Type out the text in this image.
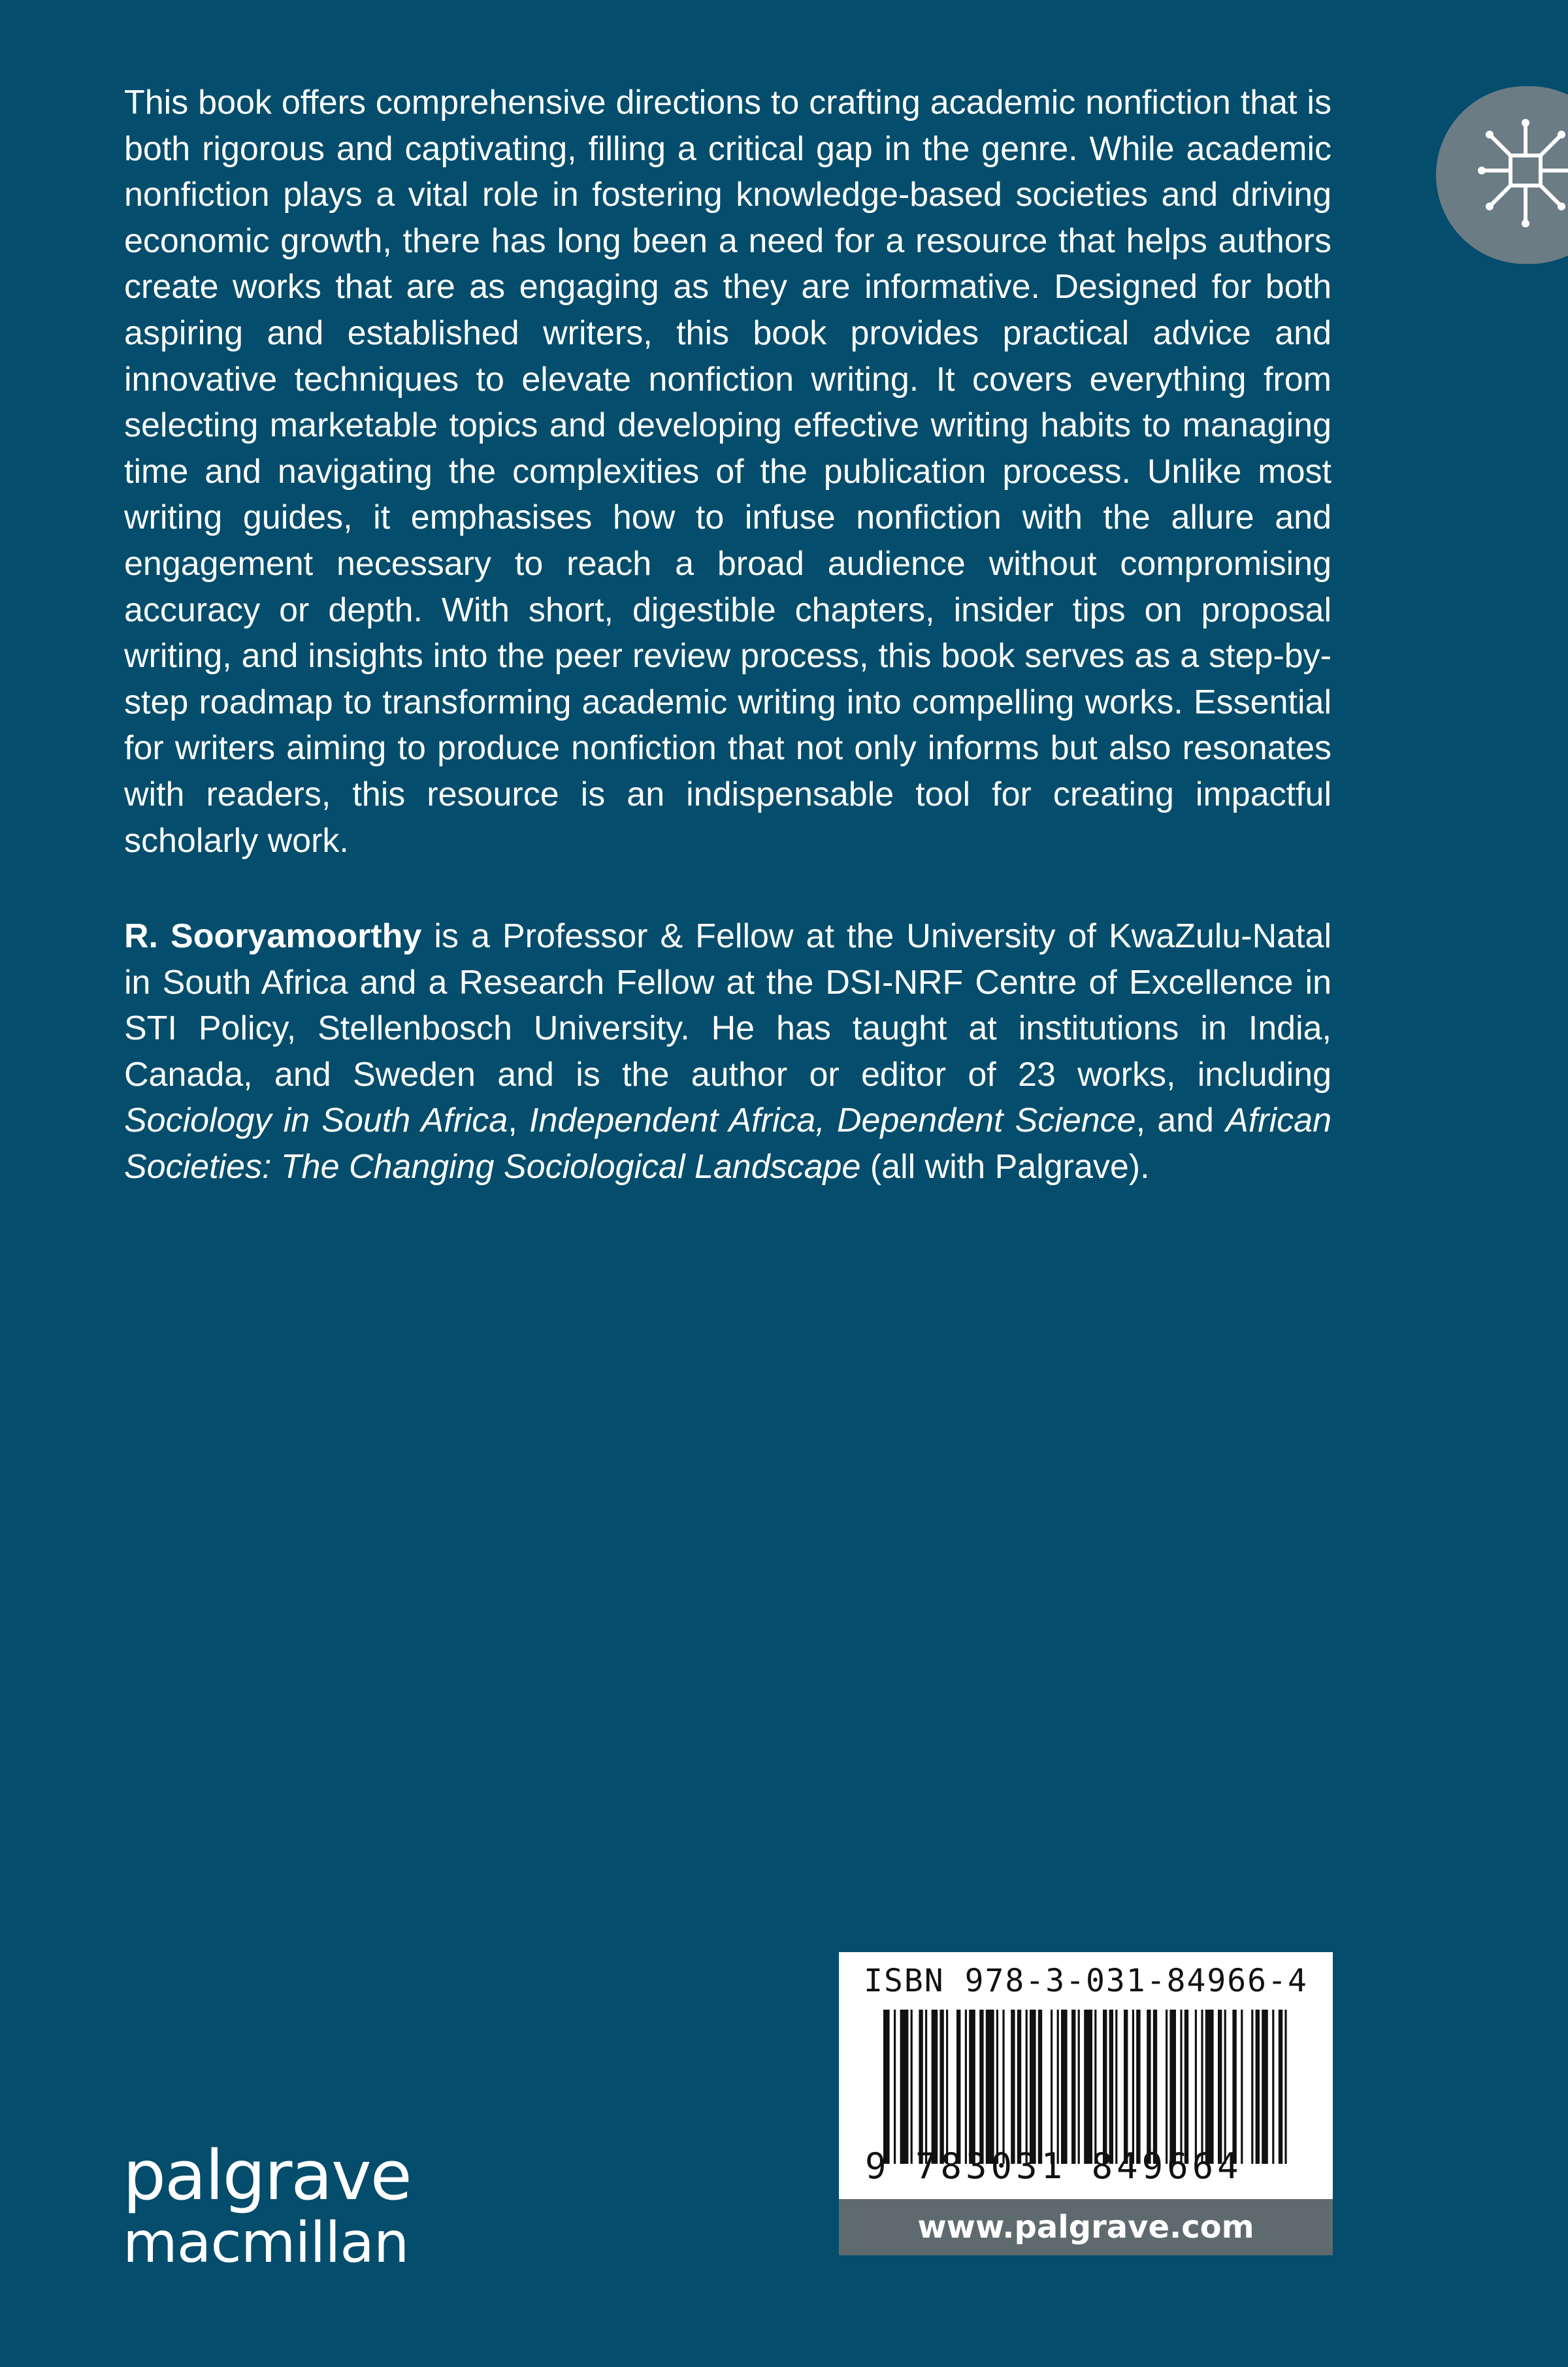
This book offers comprehensive directions to crafting academic nonfiction that is both rigorous and captivating, filling a critical gap in the genre. While academic nonfiction plays a vital role in fostering knowledge-based societies and driving economic growth, there has long been a need for a resource that helps authors create works that are as engaging as they are informative. Designed for both aspiring and established writers, this book provides practical advice and innovative techniques to elevate nonfiction writing. It covers everything from selecting marketable topics and developing effective writing habits to managing time and navigating the complexities of the publication process. Unlike most writing guides, it emphasises how to infuse nonfiction with the allure and engagement necessary to reach a broad audience without compromising accuracy or depth. With short, digestible chapters, insider tips on proposal writing, and insights into the peer review process, this book serves as a step-by-step roadmap to transforming academic writing into compelling works. Essential for writers aiming to produce nonfiction that not only informs but also resonates with readers, this resource is an indispensable tool for creating impactful scholarly work.

R. Sooryamoorthy is a Professor & Fellow at the University of KwaZulu-Natal in South Africa and a Research Fellow at the DSI-NRF Centre of Excellence in STI Policy, Stellenbosch University. He has taught at institutions in India, Canada, and Sweden and is the author or editor of 23 works, including Sociology in South Africa, Independent Africa, Dependent Science, and African Societies: The Changing Sociological Landscape (all with Palgrave).

palgrave
macmillan
ISBN 978-3-031-84966-4
9 783031 849664
www.palgrave.com
